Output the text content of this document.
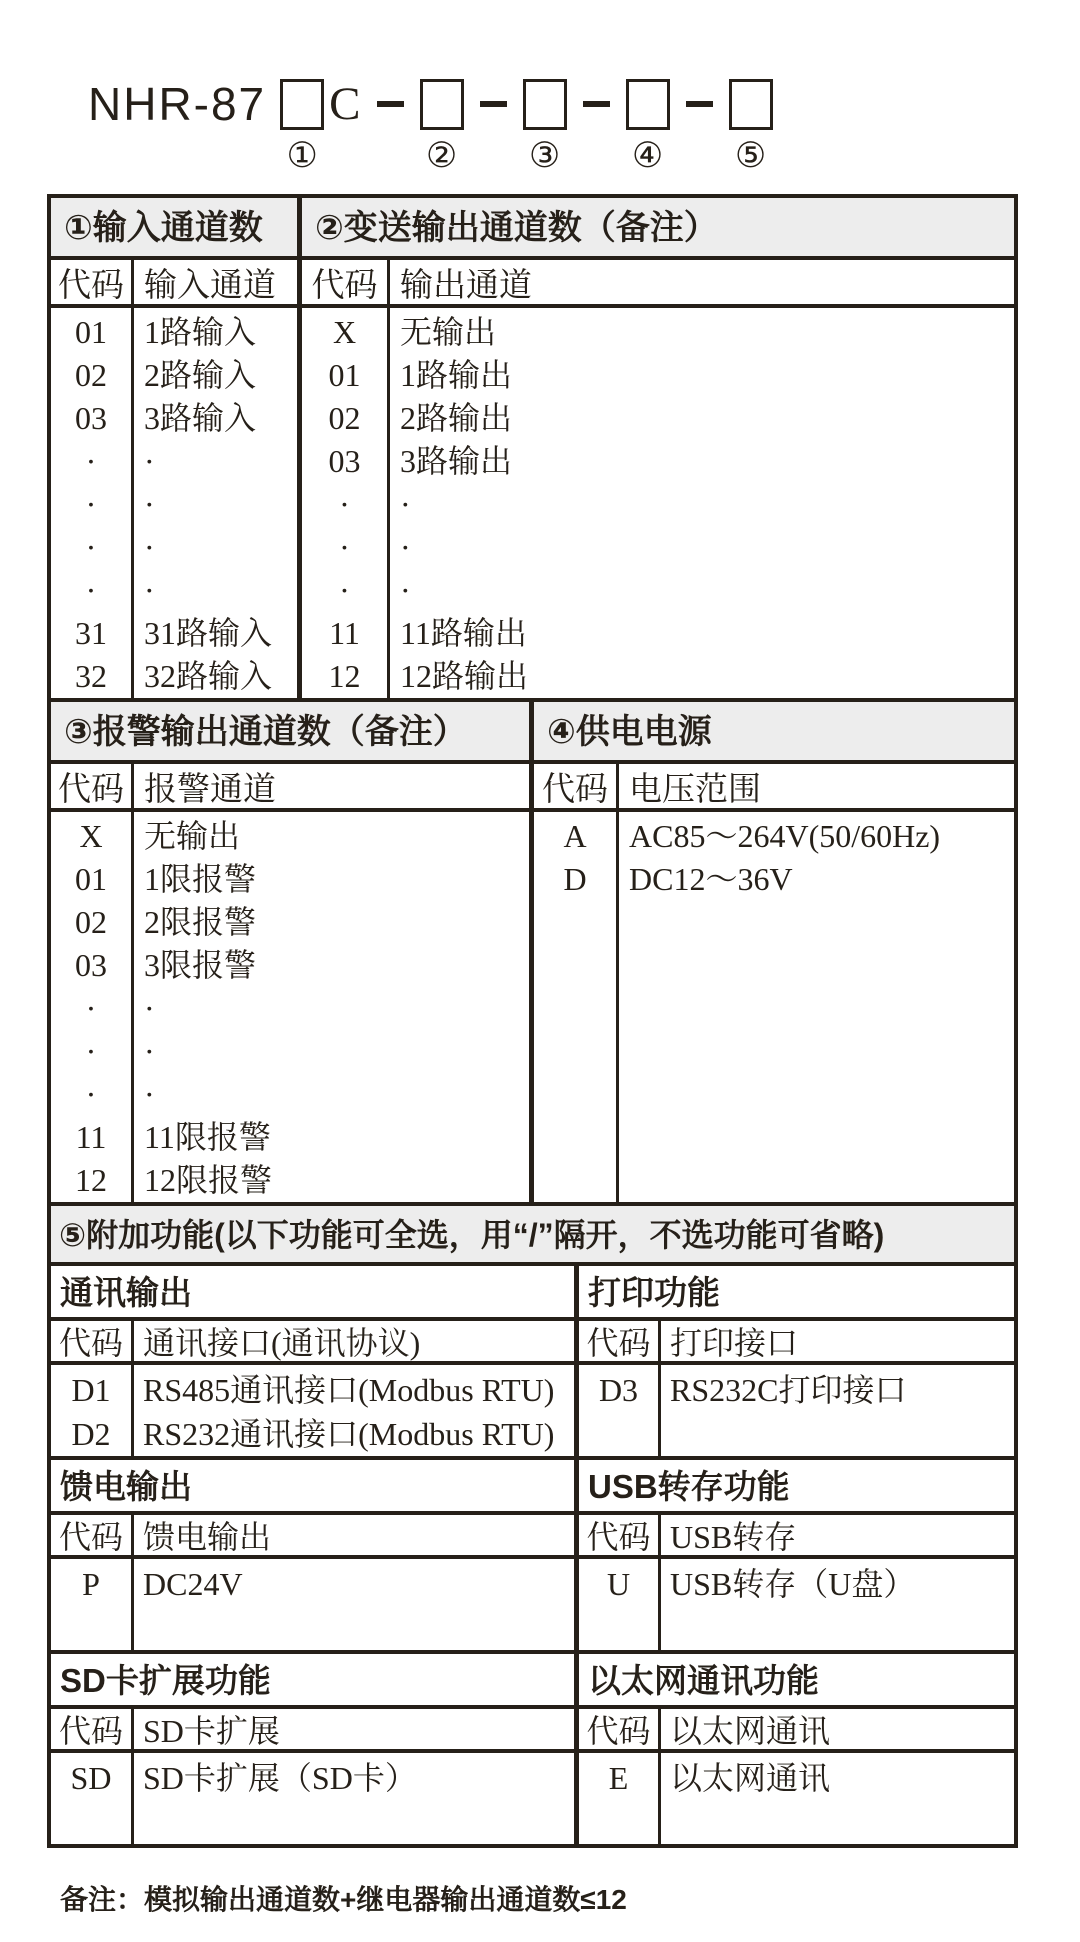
NHR-87
①
C
② ③ ④ ⑤
①输入通道数	②变送输出通道数（备注）
代码
01
02
03
·
·
·
·
31
32
输入通道
1路输入
2路输入
3路输入
·
·
·
·
31路输入
32路输入
代码
X
01
02
03
·
·
·
11
12
输出通道
无输出
1路输出
2路输出
3路输出
·
·
·
11路输出
12路输出
③报警输出通道数（备注）	④供电电源
代码
X
01
02
03
·
·
·
11
12
报警通道
无输出
1限报警
2限报警
3限报警
·
·
·
11限报警
12限报警
代码
A
D
电压范围
AC85～264V(50/60Hz)
DC12～36V
⑤附加功能(以下功能可全选，用“/”隔开，不选功能可省略)
通讯输出
代码
D1
D2
通讯接口(通讯协议)
RS485通讯接口(Modbus RTU)
RS232通讯接口(Modbus RTU)
打印功能
代码
D3
打印接口
RS232C打印接口
馈电输出
代码
P
馈电输出
DC24V
USB转存功能
代码
U
USB转存
USB转存（U盘）
SD卡扩展功能
代码
SD
SD卡扩展
SD卡扩展（SD卡）
以太网通讯功能
代码
E
以太网通讯
以太网通讯
备注：模拟输出通道数+继电器输出通道数≤12
